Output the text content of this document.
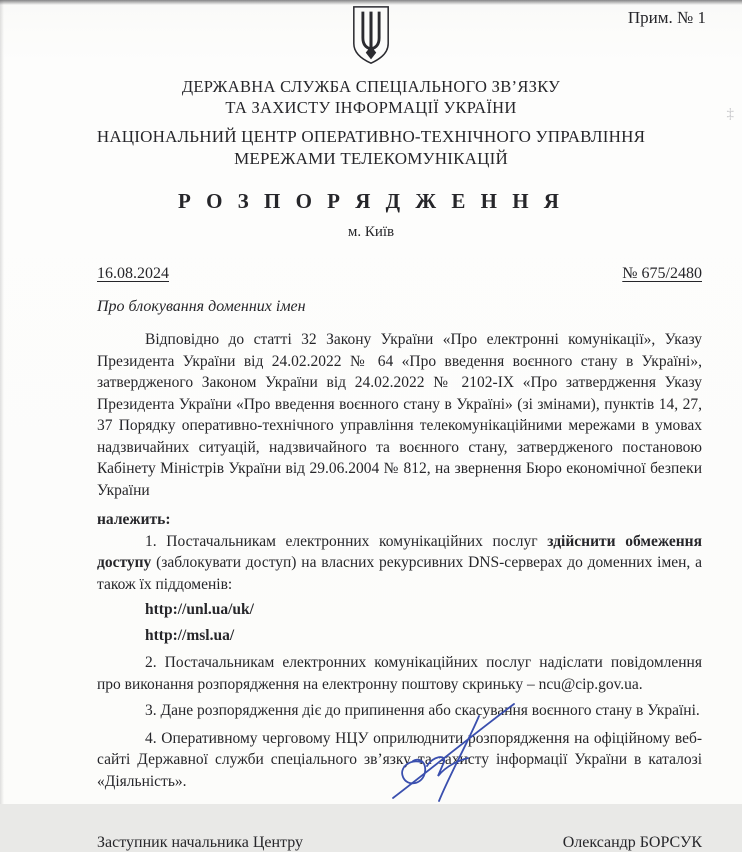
Прим. № 1
ДЕРЖАВНА СЛУЖБА СПЕЦІАЛЬНОГО ЗВ’ЯЗКУ
ТА ЗАХИСТУ ІНФОРМАЦІЇ УКРАЇНИ
НАЦІОНАЛЬНИЙ ЦЕНТР ОПЕРАТИВНО-ТЕХНІЧНОГО УПРАВЛІННЯ
МЕРЕЖАМИ ТЕЛЕКОМУНІКАЦІЙ
Р О З П О Р Я Д Ж Е Н Н Я
м. Київ
16.08.2024	№ 675/2480
Про блокування доменних імен

Відповідно до статті 32 Закону України «Про електронні комунікації», Указу Президента України від 24.02.2022 № 64 «Про введення воєнного стану в Україні», затвердженого Законом України від 24.02.2022 № 2102-ІХ «Про затвердження Указу Президента України «Про введення воєнного стану в Україні» (зі змінами), пунктів 14, 27, 37 Порядку оперативно-технічного управління телекомунікаційними мережами в умовах надзвичайних ситуацій, надзвичайного та воєнного стану, затвердженого постановою Кабінету Міністрів України від 29.06.2004 № 812, на звернення Бюро економічної безпеки України

належить:

1. Постачальникам електронних комунікаційних послуг здійснити обмеження доступу (заблокувати доступ) на власних рекурсивних DNS-серверах до доменних імен, а також їх піддоменів:

http://unl.ua/uk/
http://msl.ua/

2. Постачальникам електронних комунікаційних послуг надіслати повідомлення про виконання розпорядження на електронну поштову скриньку – ncu@cip.gov.ua.

3. Дане розпорядження діє до припинення або скасування воєнного стану в Україні.

4. Оперативному черговому НЦУ оприлюднити розпорядження на офіційному веб-сайті Державної служби спеціального зв’язку та захисту інформації України в каталозі «Діяльність».

Заступник начальника Центру	Олександр БОРСУК
‡
